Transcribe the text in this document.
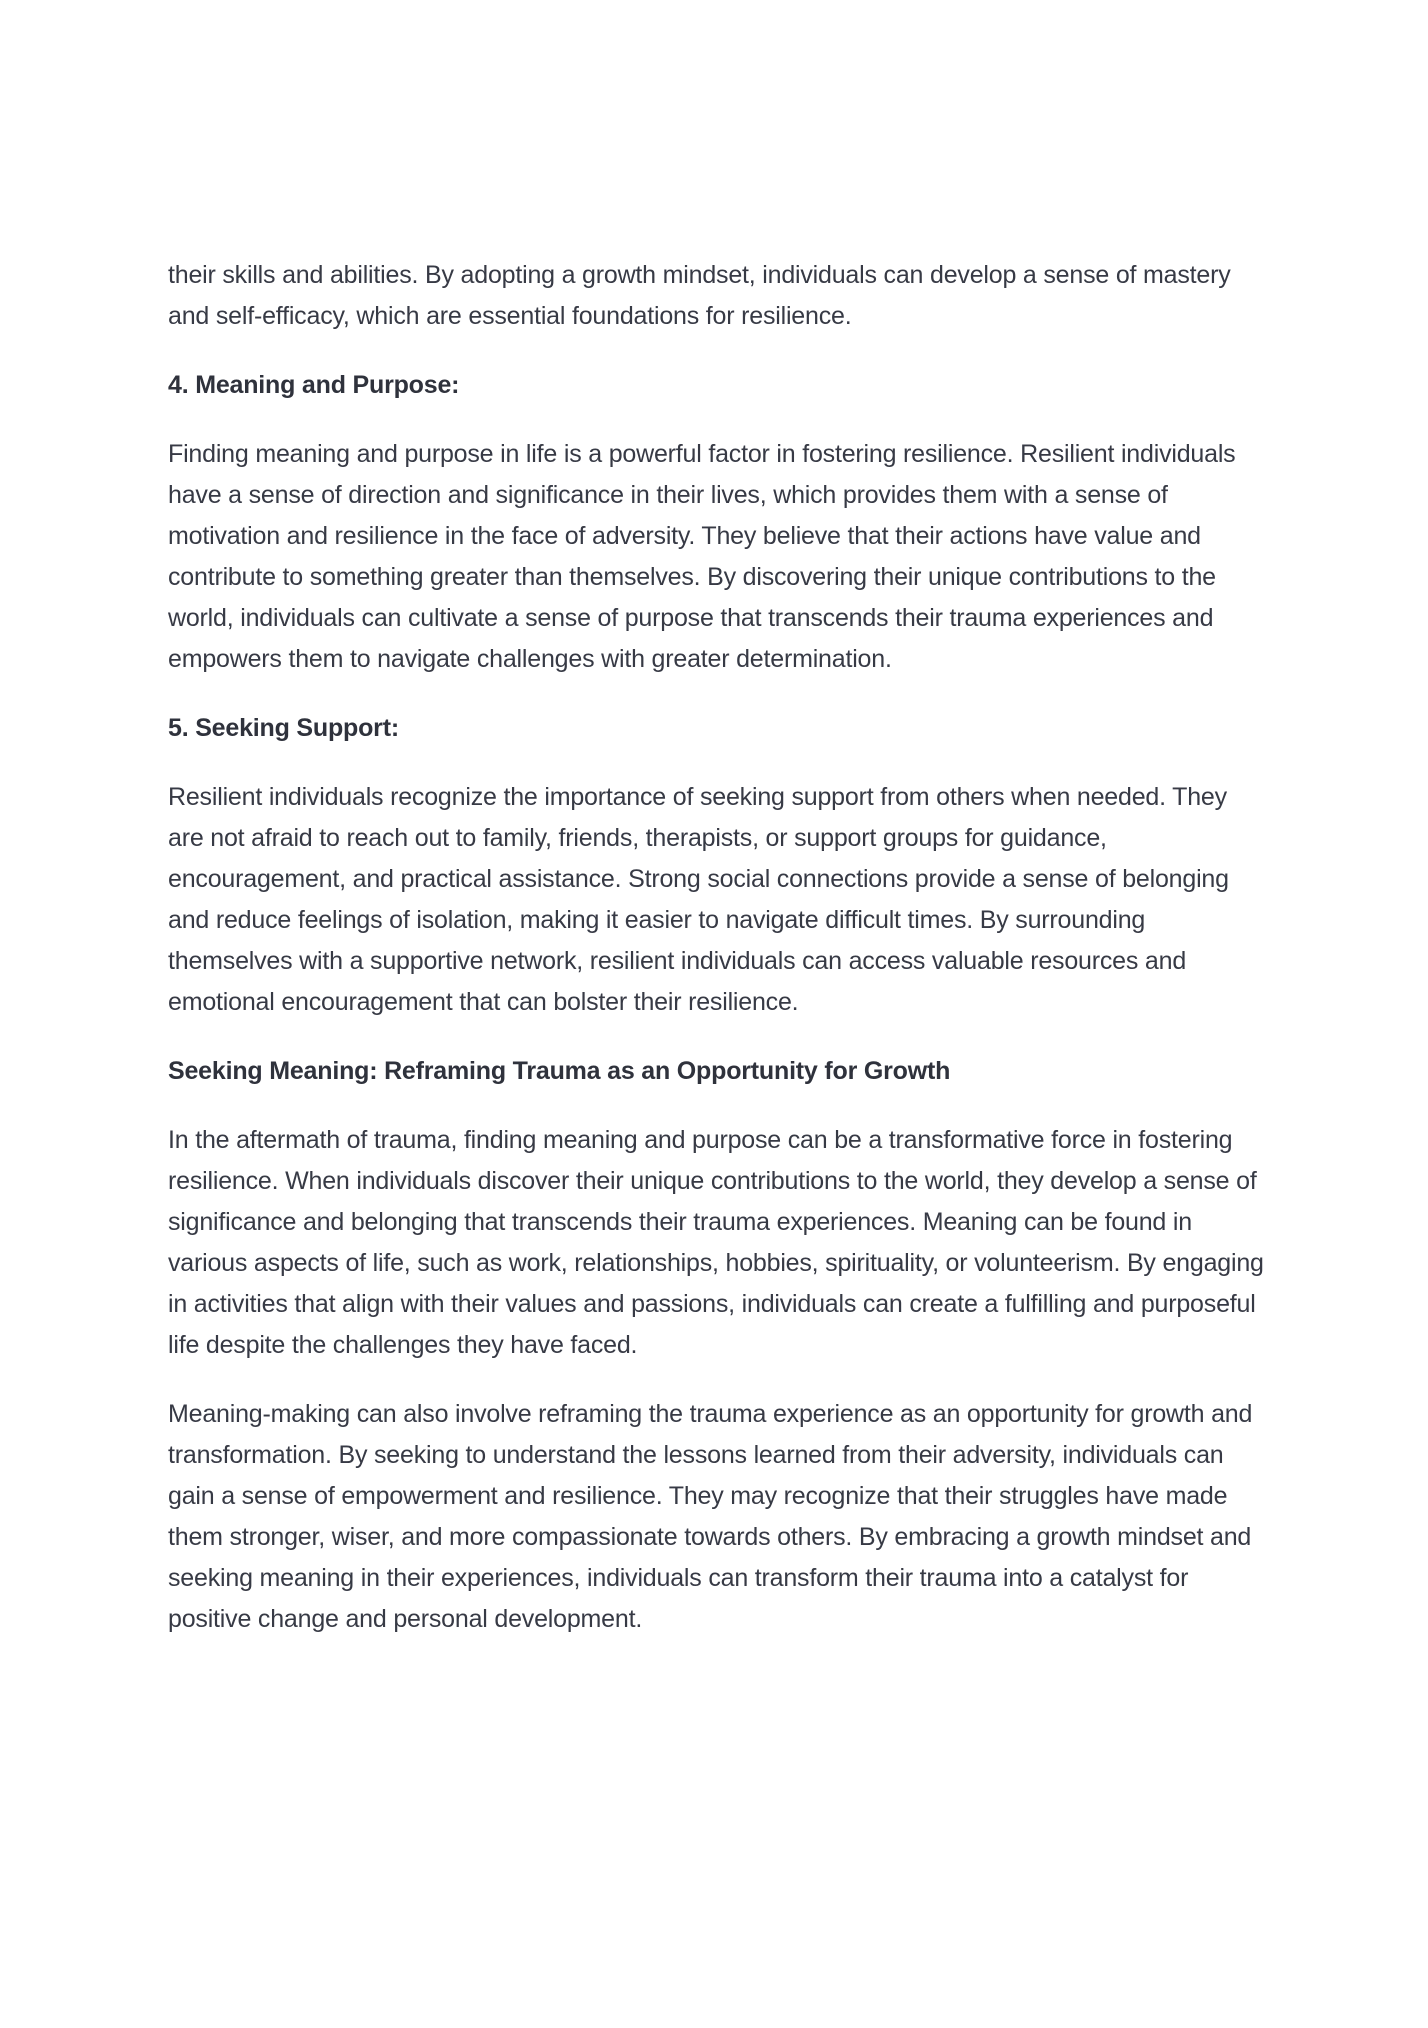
their skills and abilities. By adopting a growth mindset, individuals can develop a sense of mastery and self-efficacy, which are essential foundations for resilience.

4. Meaning and Purpose:

Finding meaning and purpose in life is a powerful factor in fostering resilience. Resilient individuals have a sense of direction and significance in their lives, which provides them with a sense of motivation and resilience in the face of adversity. They believe that their actions have value and contribute to something greater than themselves. By discovering their unique contributions to the world, individuals can cultivate a sense of purpose that transcends their trauma experiences and empowers them to navigate challenges with greater determination.

5. Seeking Support:

Resilient individuals recognize the importance of seeking support from others when needed. They are not afraid to reach out to family, friends, therapists, or support groups for guidance, encouragement, and practical assistance. Strong social connections provide a sense of belonging and reduce feelings of isolation, making it easier to navigate difficult times. By surrounding themselves with a supportive network, resilient individuals can access valuable resources and emotional encouragement that can bolster their resilience.

Seeking Meaning: Reframing Trauma as an Opportunity for Growth

In the aftermath of trauma, finding meaning and purpose can be a transformative force in fostering resilience. When individuals discover their unique contributions to the world, they develop a sense of significance and belonging that transcends their trauma experiences. Meaning can be found in various aspects of life, such as work, relationships, hobbies, spirituality, or volunteerism. By engaging in activities that align with their values and passions, individuals can create a fulfilling and purposeful life despite the challenges they have faced.

Meaning-making can also involve reframing the trauma experience as an opportunity for growth and transformation. By seeking to understand the lessons learned from their adversity, individuals can gain a sense of empowerment and resilience. They may recognize that their struggles have made them stronger, wiser, and more compassionate towards others. By embracing a growth mindset and seeking meaning in their experiences, individuals can transform their trauma into a catalyst for positive change and personal development.
